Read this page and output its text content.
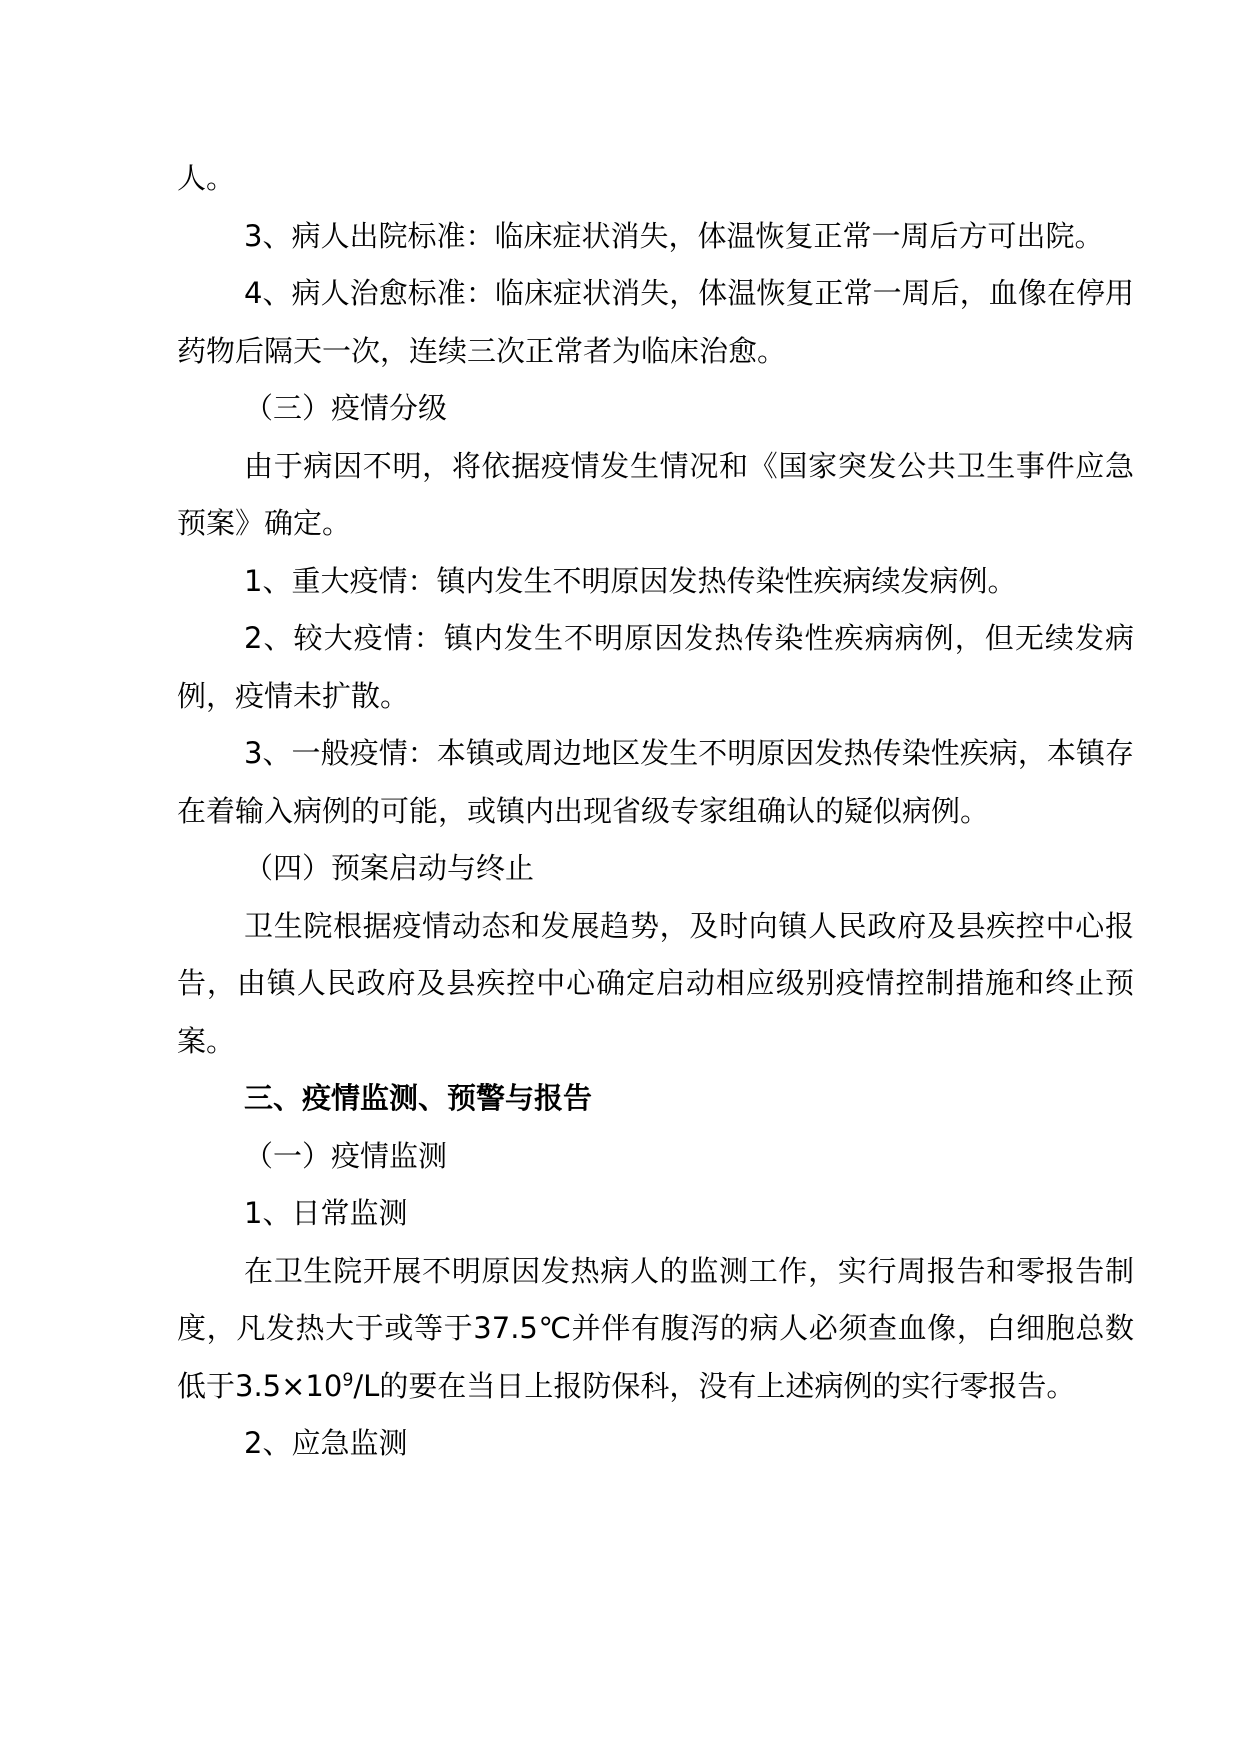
人。

3、病人出院标准：临床症状消失，体温恢复正常一周后方可出院。

4、病人治愈标准：临床症状消失，体温恢复正常一周后，血像在停用药物后隔天一次，连续三次正常者为临床治愈。

（三）疫情分级

由于病因不明，将依据疫情发生情况和《国家突发公共卫生事件应急预案》确定。

1、重大疫情：镇内发生不明原因发热传染性疾病续发病例。

2、较大疫情：镇内发生不明原因发热传染性疾病病例，但无续发病例，疫情未扩散。

3、一般疫情：本镇或周边地区发生不明原因发热传染性疾病，本镇存在着输入病例的可能，或镇内出现省级专家组确认的疑似病例。

（四）预案启动与终止

卫生院根据疫情动态和发展趋势，及时向镇人民政府及县疾控中心报告，由镇人民政府及县疾控中心确定启动相应级别疫情控制措施和终止预案。

三、疫情监测、预警与报告

（一）疫情监测

1、日常监测

在卫生院开展不明原因发热病人的监测工作，实行周报告和零报告制度，凡发热大于或等于37.5℃并伴有腹泻的病人必须查血像，白细胞总数低于$3.5\times 10^9/L$的要在当日上报防保科，没有上述病例的实行零报告。

2、应急监测
